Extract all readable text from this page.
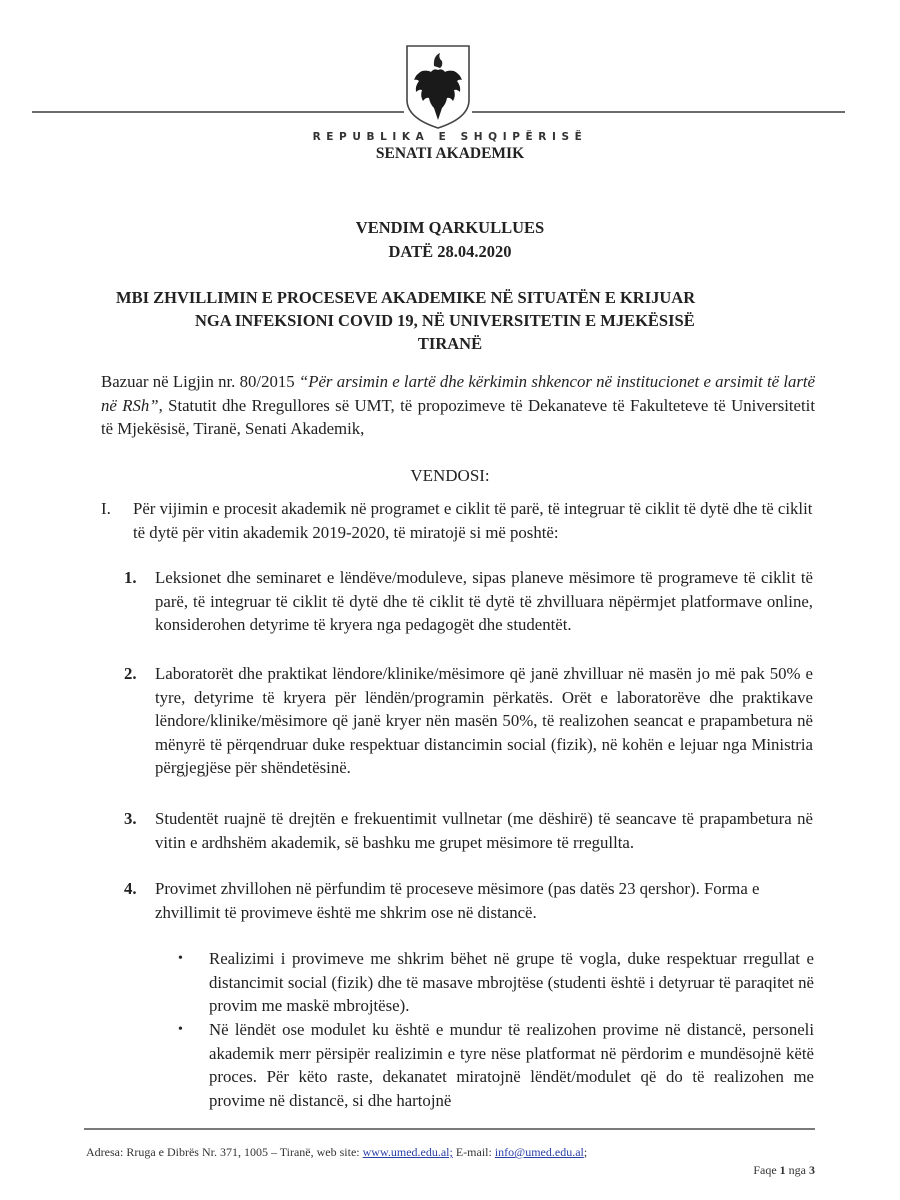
REPUBLIKA E SHQIPËRISË
SENATI AKADEMIK
VENDIM QARKULLUES
DATË 28.04.2020
MBI ZHVILLIMIN E PROCESEVE AKADEMIKE NË SITUATËN E KRIJUAR
NGA INFEKSIONI COVID 19, NË UNIVERSITETIN E MJEKËSISË
TIRANË
Bazuar në Ligjin nr. 80/2015 “Për arsimin e lartë dhe kërkimin shkencor në institucionet e arsimit të lartë në RSh”, Statutit dhe Rregullores së UMT, të propozimeve të Dekanateve të Fakulteteve të Universitetit të Mjekësisë, Tiranë, Senati Akademik,
VENDOSI:
I. Për vijimin e procesit akademik në programet e ciklit të parë, të integruar të ciklit të dytë dhe të ciklit të dytë për vitin akademik 2019-2020, të miratojë si më poshtë:
1. Leksionet dhe seminaret e lëndëve/moduleve, sipas planeve mësimore të programeve të ciklit të parë, të integruar të ciklit të dytë dhe të ciklit të dytë të zhvilluara nëpërmjet platformave online, konsiderohen detyrime të kryera nga pedagogët dhe studentët.
2. Laboratorët dhe praktikat lëndore/klinike/mësimore që janë zhvilluar në masën jo më pak 50% e tyre, detyrime të kryera për lëndën/programin përkatës. Orët e laboratorëve dhe praktikave lëndore/klinike/mësimore që janë kryer nën masën 50%, të realizohen seancat e prapambetura në mënyrë të përqendruar duke respektuar distancimin social (fizik), në kohën e lejuar nga Ministria përgjegjëse për shëndetësinë.
3. Studentët ruajnë të drejtën e frekuentimit vullnetar (me dëshirë) të seancave të prapambetura në vitin e ardhshëm akademik, së bashku me grupet mësimore të rregullta.
4. Provimet zhvillohen në përfundim të proceseve mësimore (pas datës 23 qershor). Forma e zhvillimit të provimeve është me shkrim ose në distancë.
• Realizimi i provimeve me shkrim bëhet në grupe të vogla, duke respektuar rregullat e distancimit social (fizik) dhe të masave mbrojtëse (studenti është i detyruar të paraqitet në provim me maskë mbrojtëse).
• Në lëndët ose modulet ku është e mundur të realizohen provime në distancë, personeli akademik merr përsipër realizimin e tyre nëse platformat në përdorim e mundësojnë këtë proces. Për këto raste, dekanatet miratojnë lëndët/modulet që do të realizohen me provime në distancë, si dhe hartojnë
Adresa: Rruga e Dibrës Nr. 371, 1005 – Tiranë, web site: www.umed.edu.al; E-mail: info@umed.edu.al;
Faqe 1 nga 3
